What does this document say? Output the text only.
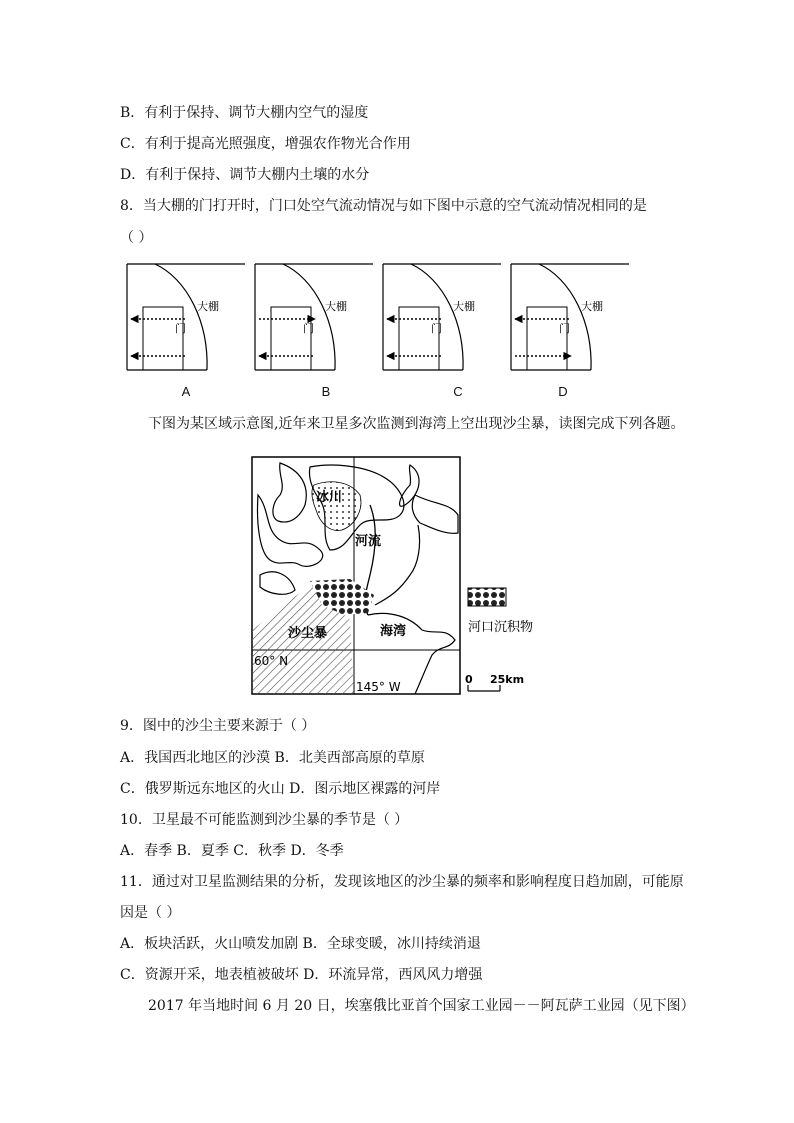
B．有利于保持、调节大棚内空气的湿度
C．有利于提高光照强度，增强农作物光合作用
D．有利于保持、调节大棚内土壤的水分
8．当大棚的门打开时，门口处空气流动情况与如下图中示意的空气流动情况相同的是
（ ）
大棚
门
大棚
门
大棚
门
大棚
门
A	B	C	D
下图为某区域示意图,近年来卫星多次监测到海湾上空出现沙尘暴，读图完成下列各题。
冰川
河流
沙尘暴	海湾
60° N
145° W
河口沉积物
0 25km
9．图中的沙尘主要来源于（ ）
A．我国西北地区的沙漠 B．北美西部高原的草原
C．俄罗斯远东地区的火山 D．图示地区裸露的河岸
10．卫星最不可能监测到沙尘暴的季节是（ ）
A．春季 B．夏季 C．秋季 D．冬季
11．通过对卫星监测结果的分析，发现该地区的沙尘暴的频率和影响程度日趋加剧，可能原
因是（ ）
A．板块活跃，火山喷发加剧 B．全球变暖，冰川持续消退
C．资源开采，地表植被破坏 D．环流异常，西风风力增强
2017 年当地时间 6 月 20 日，埃塞俄比亚首个国家工业园－－阿瓦萨工业园（见下图）
